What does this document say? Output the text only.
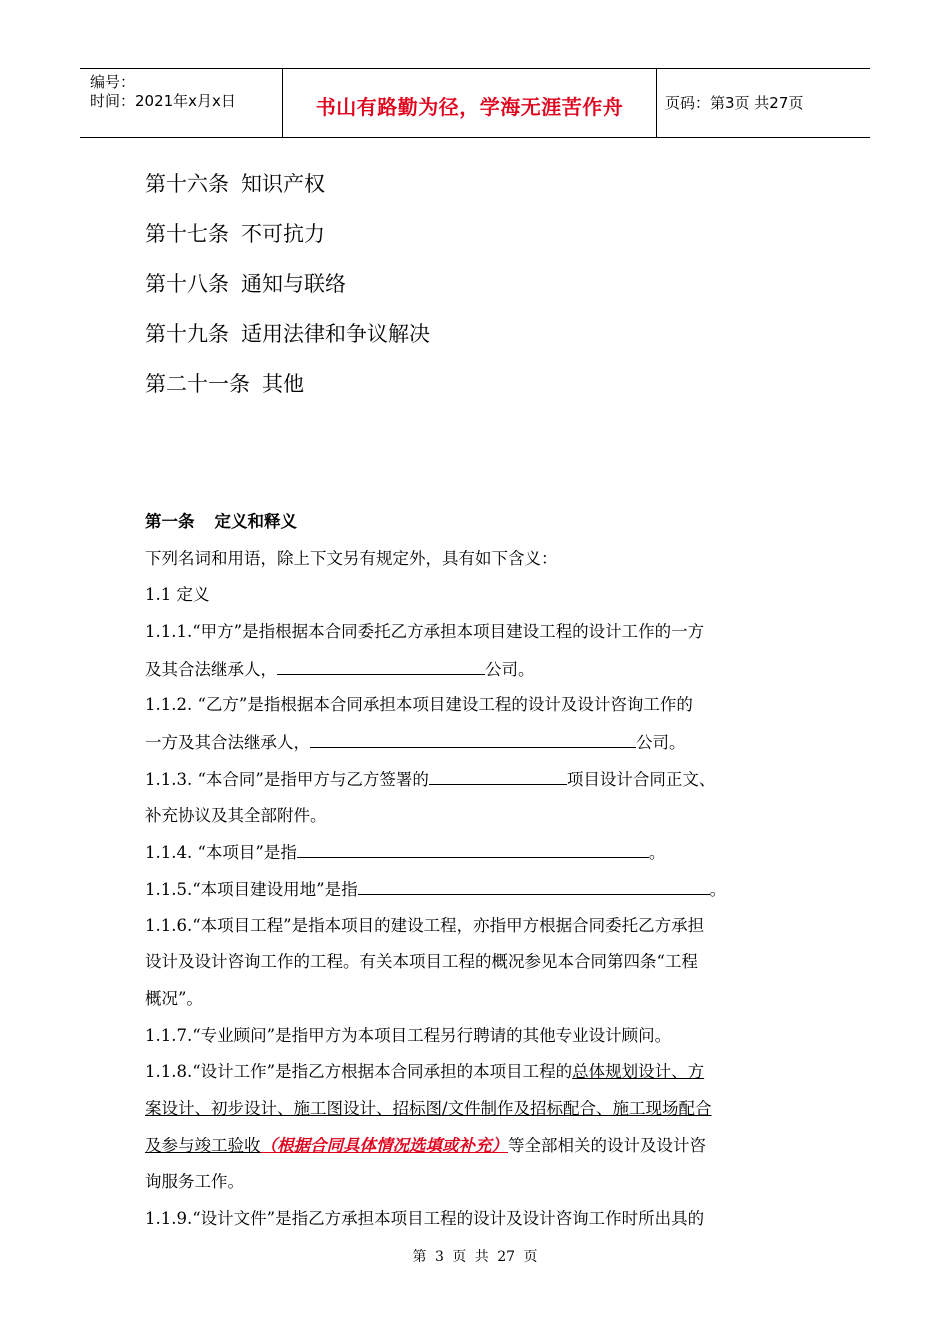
编号：
时间：2021年x月x日	书山有路勤为径，学海无涯苦作舟	页码：第3页 共27页
第十六条 知识产权
第十七条 不可抗力
第十八条 通知与联络
第十九条 适用法律和争议解决
第二十一条 其他
第一条 定义和释义
下列名词和用语，除上下文另有规定外，具有如下含义：
1.1 定义
1.1.1.“甲方”是指根据本合同委托乙方承担本项目建设工程的设计工作的一方
及其合法继承人，	公司。
1.1.2. “乙方”是指根据本合同承担本项目建设工程的设计及设计咨询工作的
一方及其合法继承人，	公司。
1.1.3. “本合同”是指甲方与乙方签署的	项目设计合同正文、
补充协议及其全部附件。
1.1.4. “本项目”是指	。
1.1.5.“本项目建设用地”是指	。
1.1.6.“本项目工程”是指本项目的建设工程，亦指甲方根据合同委托乙方承担
设计及设计咨询工作的工程。有关本项目工程的概况参见本合同第四条“工程
概况”。
1.1.7.“专业顾问”是指甲方为本项目工程另行聘请的其他专业设计顾问。
1.1.8.“设计工作”是指乙方根据本合同承担的本项目工程的总体规划设计、方
案设计、初步设计、施工图设计、招标图/文件制作及招标配合、施工现场配合
及参与竣工验收（根据合同具体情况选填或补充）等全部相关的设计及设计咨
询服务工作。
1.1.9.“设计文件”是指乙方承担本项目工程的设计及设计咨询工作时所出具的
第 3 页 共 27 页
